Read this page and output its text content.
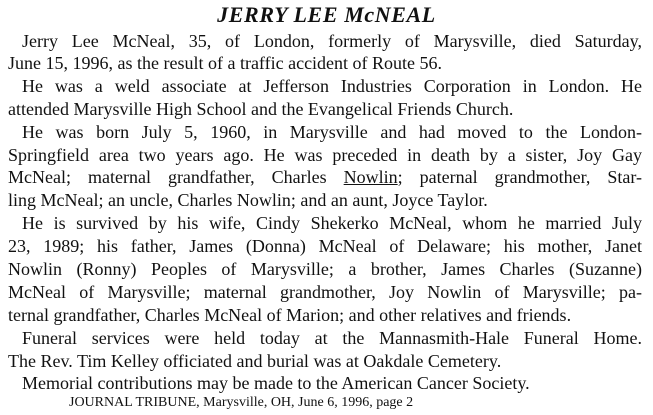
JERRY LEE McNEAL
Jerry Lee McNeal, 35, of London, formerly of Marysville, died Saturday,
June 15, 1996, as the result of a traffic accident of Route 56.
He was a weld associate at Jefferson Industries Corporation in London. He
attended Marysville High School and the Evangelical Friends Church.
He was born July 5, 1960, in Marysville and had moved to the London-
Springfield area two years ago. He was preceded in death by a sister, Joy Gay
McNeal; maternal grandfather, Charles Nowlin; paternal grandmother, Star-
ling McNeal; an uncle, Charles Nowlin; and an aunt, Joyce Taylor.
He is survived by his wife, Cindy Shekerko McNeal, whom he married July
23, 1989; his father, James (Donna) McNeal of Delaware; his mother, Janet
Nowlin (Ronny) Peoples of Marysville; a brother, James Charles (Suzanne)
McNeal of Marysville; maternal grandmother, Joy Nowlin of Marysville; pa-
ternal grandfather, Charles McNeal of Marion; and other relatives and friends.
Funeral services were held today at the Mannasmith-Hale Funeral Home.
The Rev. Tim Kelley officiated and burial was at Oakdale Cemetery.
Memorial contributions may be made to the American Cancer Society.

JOURNAL TRIBUNE, Marysville, OH, June 6, 1996, page 2
